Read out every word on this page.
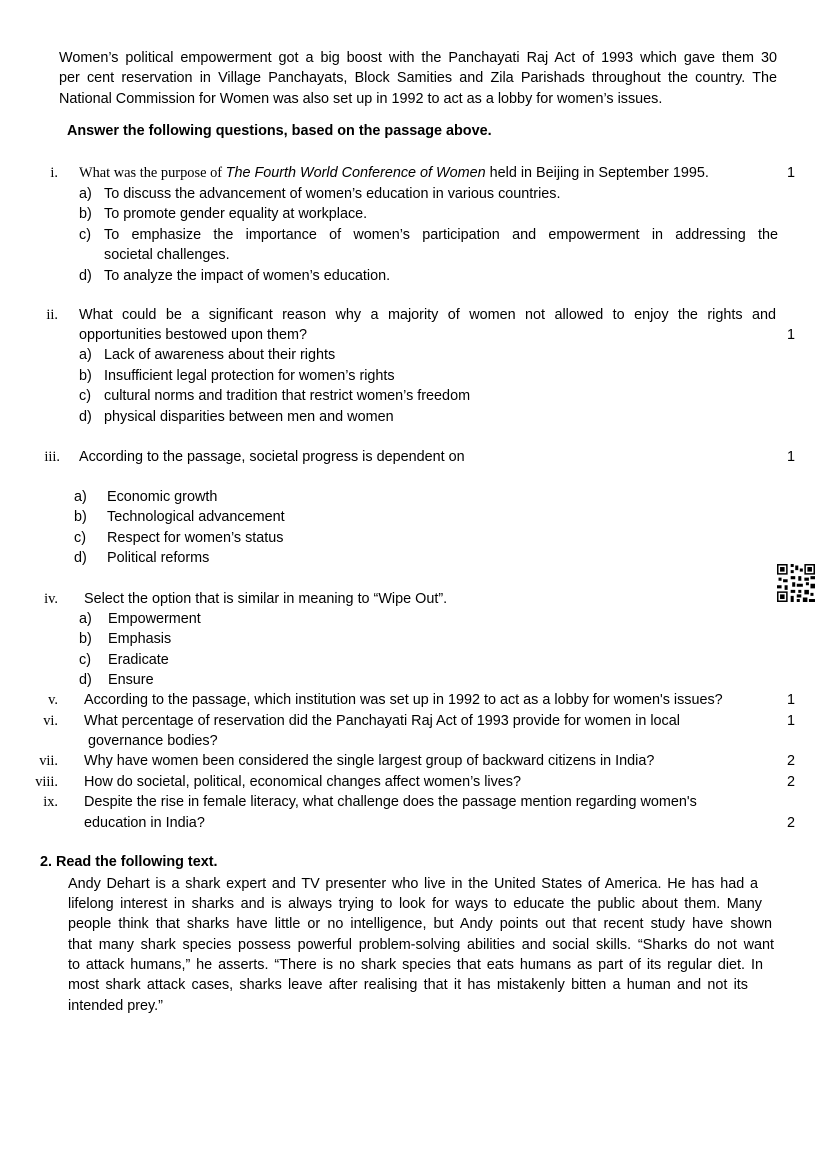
Women’s political empowerment got a big boost with the Panchayati Raj Act of 1993 which gave them 30
per cent reservation in Village Panchayats, Block Samities and Zila Parishads throughout the country. The
National Commission for Women was also set up in 1992 to act as a lobby for women’s issues.
Answer the following questions, based on the passage above.
i. What was the purpose of The Fourth World Conference of Women held in Beijing in September 1995.	1
a) To discuss the advancement of women’s education in various countries.
b) To promote gender equality at workplace.
c) To emphasize the importance of women’s participation and empowerment in addressing the
societal challenges.
d) To analyze the impact of women’s education.
ii. What could be a significant reason why a majority of women not allowed to enjoy the rights and
opportunities bestowed upon them?	1
a) Lack of awareness about their rights
b) Insufficient legal protection for women’s rights
c) cultural norms and tradition that restrict women’s freedom
d) physical disparities between men and women
iii. According to the passage, societal progress is dependent on	1
a) Economic growth
b) Technological advancement
c) Respect for women’s status
d) Political reforms
iv. Select the option that is similar in meaning to “Wipe Out”.
a) Empowerment
b) Emphasis
c) Eradicate
d) Ensure
v. According to the passage, which institution was set up in 1992 to act as a lobby for women's issues?	1
vi. What percentage of reservation did the Panchayati Raj Act of 1993 provide for women in local	1
governance bodies?
vii. Why have women been considered the single largest group of backward citizens in India?	2
viii. How do societal, political, economical changes affect women’s lives?	2
ix. Despite the rise in female literacy, what challenge does the passage mention regarding women's
education in India?	2
2. Read the following text.
Andy Dehart is a shark expert and TV presenter who live in the United States of America. He has had a
lifelong interest in sharks and is always trying to look for ways to educate the public about them. Many
people think that sharks have little or no intelligence, but Andy points out that recent study have shown
that many shark species possess powerful problem-solving abilities and social skills. “Sharks do not want
to attack humans,” he asserts. “There is no shark species that eats humans as part of its regular diet. In
most shark attack cases, sharks leave after realising that it has mistakenly bitten a human and not its
intended prey.”
